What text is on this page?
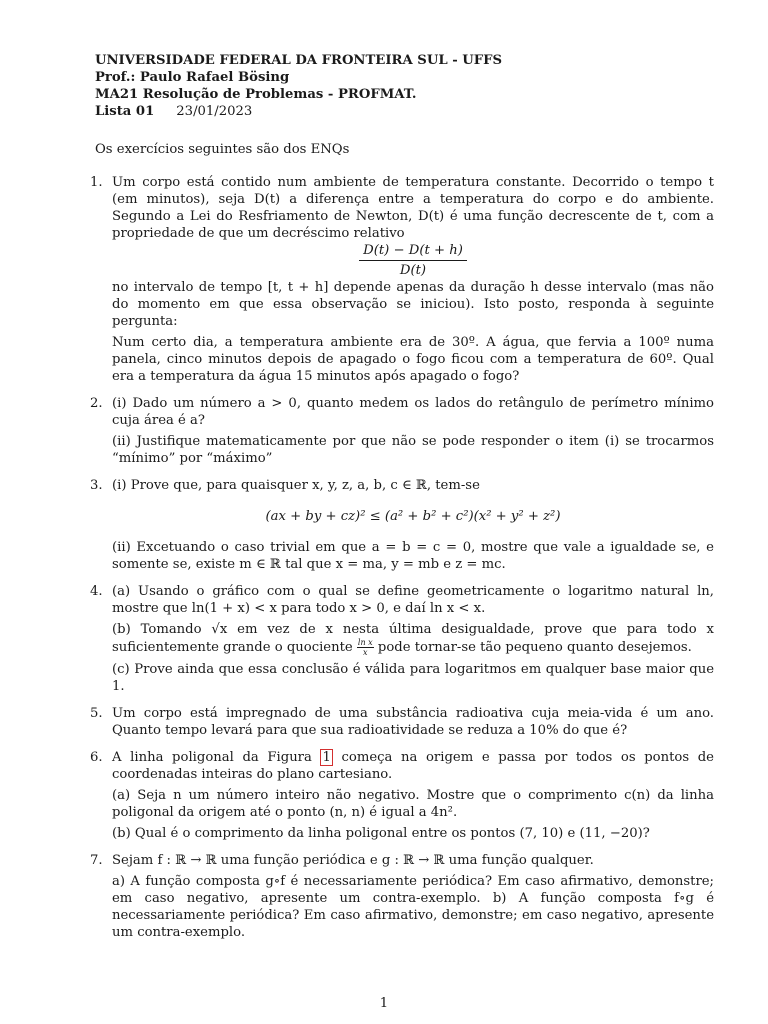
UNIVERSIDADE FEDERAL DA FRONTEIRA SUL - UFFS
Prof.: Paulo Rafael Bösing
MA21 Resolução de Problemas - PROFMAT.
Lista 01 23/01/2023
Os exercícios seguintes são dos ENQs
1. Um corpo está contido num ambiente de temperatura constante. Decorrido o tempo t (em minutos), seja D(t) a diferença entre a temperatura do corpo e do ambiente. Segundo a Lei do Resfriamento de Newton, D(t) é uma função decrescente de t, com a propriedade de que um decréscimo relativo
$\frac{D(t) - D(t + h)}{D(t)}$
no intervalo de tempo [t, t + h] depende apenas da duração h desse intervalo (mas não do momento em que essa observação se iniciou). Isto posto, responda à seguinte pergunta:
Num certo dia, a temperatura ambiente era de 30º. A água, que fervia a 100º numa panela, cinco minutos depois de apagado o fogo ficou com a temperatura de 60º. Qual era a temperatura da água 15 minutos após apagado o fogo?
2. (i) Dado um número a > 0, quanto medem os lados do retângulo de perímetro mínimo cuja área é a?
(ii) Justifique matematicamente por que não se pode responder o item (i) se trocarmos “mínimo” por “máximo”
3. (i) Prove que, para quaisquer x, y, z, a, b, c ∈ ℝ, tem-se
(ax + by + cz)² ≤ (a² + b² + c²)(x² + y² + z²)
(ii) Excetuando o caso trivial em que a = b = c = 0, mostre que vale a igualdade se, e somente se, existe m ∈ ℝ tal que x = ma, y = mb e z = mc.
4. (a) Usando o gráfico com o qual se define geometricamente o logaritmo natural ln, mostre que ln(1 + x) < x para todo x > 0, e daí ln x < x.
(b) Tomando √x em vez de x nesta última desigualdade, prove que para todo x suficientemente grande o quociente $\frac{\text{ln x}}{x}$ pode tornar-se tão pequeno quanto desejemos.
(c) Prove ainda que essa conclusão é válida para logaritmos em qualquer base maior que 1.
5. Um corpo está impregnado de uma substância radioativa cuja meia-vida é um ano. Quanto tempo levará para que sua radioatividade se reduza a 10% do que é?
6. A linha poligonal da Figura 1 começa na origem e passa por todos os pontos de coordenadas inteiras do plano cartesiano.
(a) Seja n um número inteiro não negativo. Mostre que o comprimento c(n) da linha poligonal da origem até o ponto (n, n) é igual a 4n².
(b) Qual é o comprimento da linha poligonal entre os pontos (7, 10) e (11, −20)?
7. Sejam f : ℝ → ℝ uma função periódica e g : ℝ → ℝ uma função qualquer.
a) A função composta g∘f é necessariamente periódica? Em caso afirmativo, demonstre; em caso negativo, apresente um contra-exemplo. b) A função composta f∘g é necessariamente periódica? Em caso afirmativo, demonstre; em caso negativo, apresente um contra-exemplo.
1
